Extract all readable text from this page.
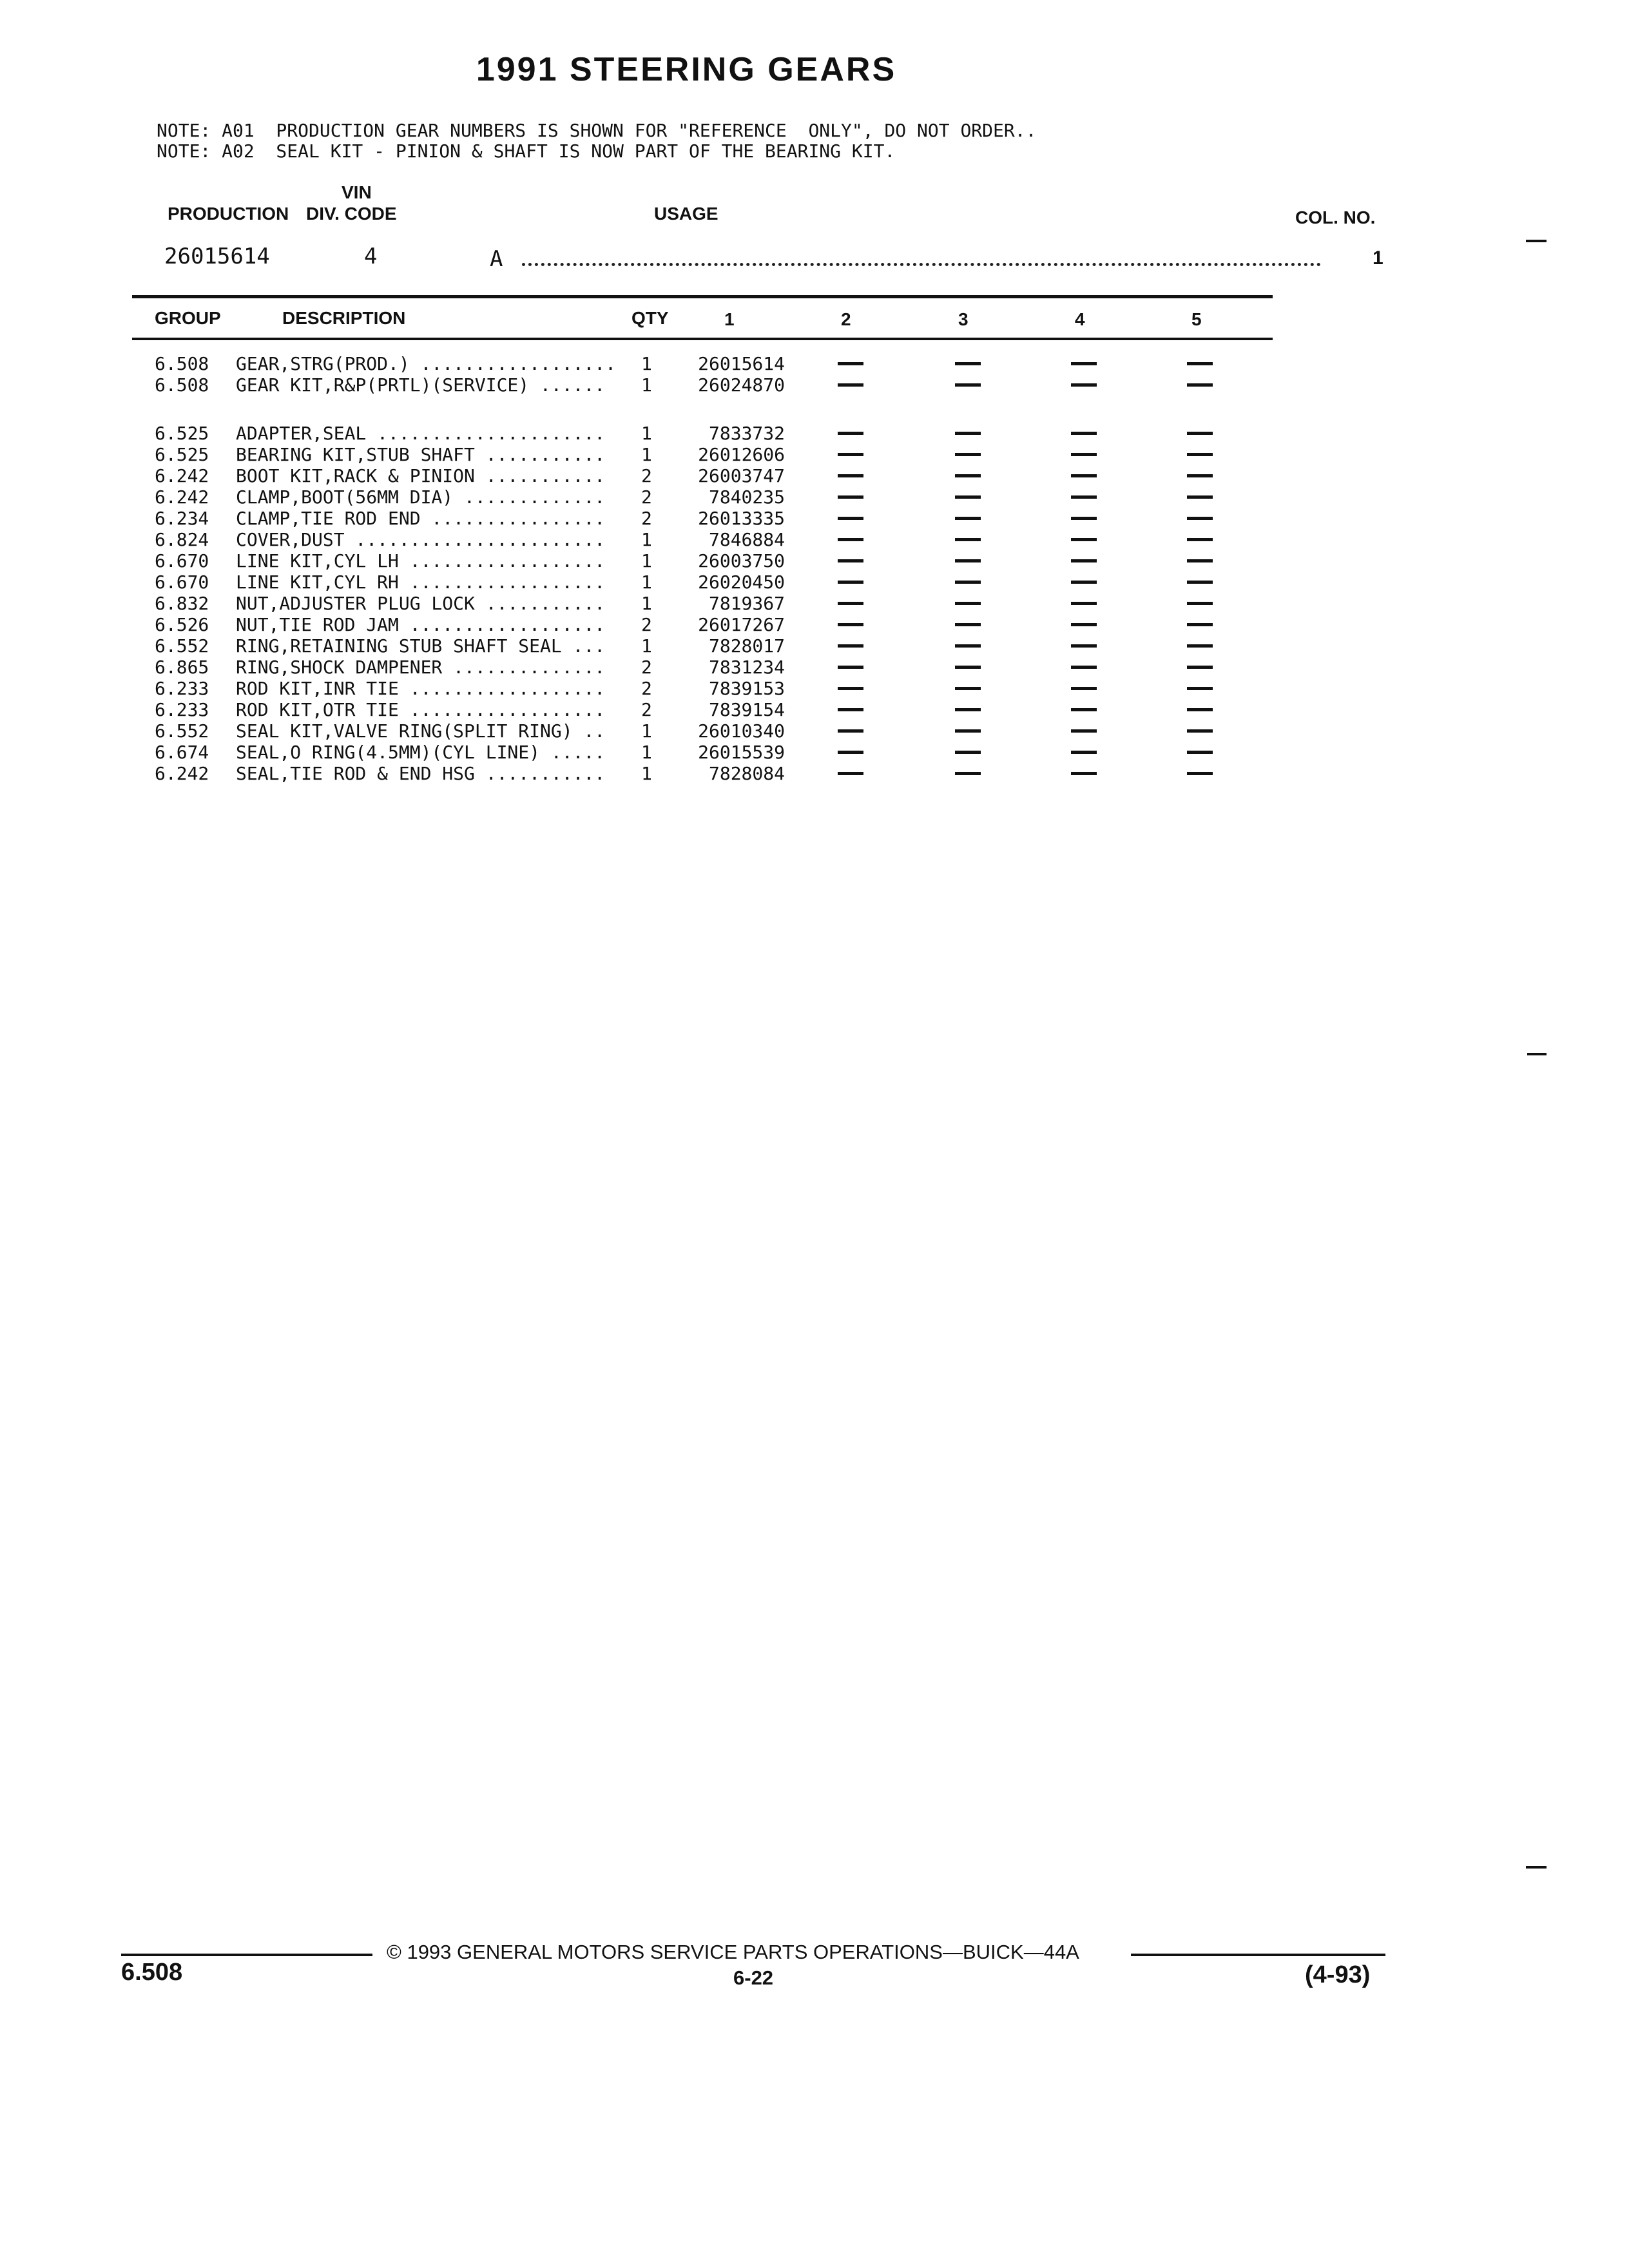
1991 STEERING GEARS
NOTE: A01  PRODUCTION GEAR NUMBERS IS SHOWN FOR "REFERENCE  ONLY", DO NOT ORDER..
NOTE: A02  SEAL KIT - PINION & SHAFT IS NOW PART OF THE BEARING KIT.
VIN
PRODUCTION DIV. CODE	USAGE	COL. NO.
26015614	4	A	1
GROUP	DESCRIPTION	QTY	1	2	3	4	5
6.508 GEAR,STRG(PROD.) .................. 1	26015614
6.508 GEAR KIT,R&P(PRTL)(SERVICE) ...... 1	26024870
6.525 ADAPTER,SEAL ..................... 1	7833732
6.525 BEARING KIT,STUB SHAFT ........... 1	26012606
6.242 BOOT KIT,RACK & PINION ........... 2	26003747
6.242 CLAMP,BOOT(56MM DIA) ............. 2	7840235
6.234 CLAMP,TIE ROD END ................ 2	26013335
6.824 COVER,DUST ....................... 1	7846884
6.670 LINE KIT,CYL LH .................. 1	26003750
6.670 LINE KIT,CYL RH .................. 1	26020450
6.832 NUT,ADJUSTER PLUG LOCK ........... 1	7819367
6.526 NUT,TIE ROD JAM .................. 2	26017267
6.552 RING,RETAINING STUB SHAFT SEAL ... 1	7828017
6.865 RING,SHOCK DAMPENER .............. 2	7831234
6.233 ROD KIT,INR TIE .................. 2	7839153
6.233 ROD KIT,OTR TIE .................. 2	7839154
6.552 SEAL KIT,VALVE RING(SPLIT RING) .. 1	26010340
6.674 SEAL,O RING(4.5MM)(CYL LINE) ..... 1	26015539
6.242 SEAL,TIE ROD & END HSG ........... 1	7828084
© 1993 GENERAL MOTORS SERVICE PARTS OPERATIONS—BUICK—44A
6.508	6-22	(4-93)
